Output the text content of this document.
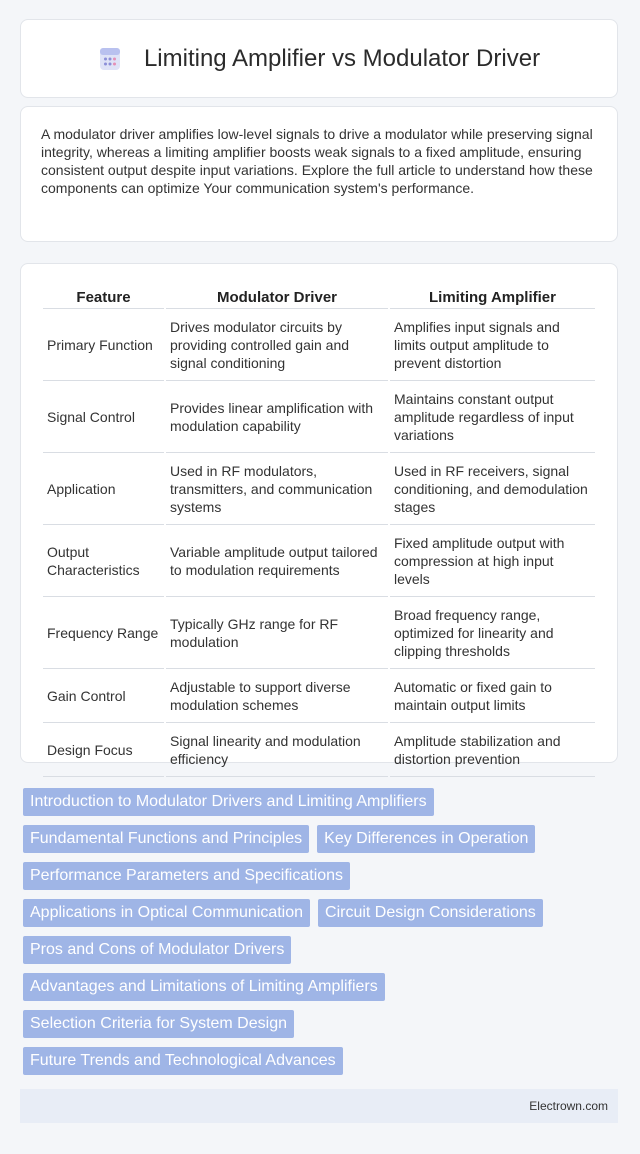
Limiting Amplifier vs Modulator Driver

A modulator driver amplifies low-level signals to drive a modulator while preserving signal integrity, whereas a limiting amplifier boosts weak signals to a fixed amplitude, ensuring consistent output despite input variations. Explore the full article to understand how these components can optimize Your communication system's performance.

Feature	Modulator Driver	Limiting Amplifier
Primary Function	Drives modulator circuits by providing controlled gain and signal conditioning	Amplifies input signals and limits output amplitude to prevent distortion
Signal Control	Provides linear amplification with modulation capability	Maintains constant output amplitude regardless of input variations
Application	Used in RF modulators, transmitters, and communication systems	Used in RF receivers, signal conditioning, and demodulation stages
Output Characteristics	Variable amplitude output tailored to modulation requirements	Fixed amplitude output with compression at high input levels
Frequency Range	Typically GHz range for RF modulation	Broad frequency range, optimized for linearity and clipping thresholds
Gain Control	Adjustable to support diverse modulation schemes	Automatic or fixed gain to maintain output limits
Design Focus	Signal linearity and modulation efficiency	Amplitude stabilization and distortion prevention
Introduction to Modulator Drivers and Limiting Amplifiers
Fundamental Functions and Principles	Key Differences in Operation
Performance Parameters and Specifications
Applications in Optical Communication	Circuit Design Considerations
Pros and Cons of Modulator Drivers
Advantages and Limitations of Limiting Amplifiers
Selection Criteria for System Design
Future Trends and Technological Advances
Electrown.com
